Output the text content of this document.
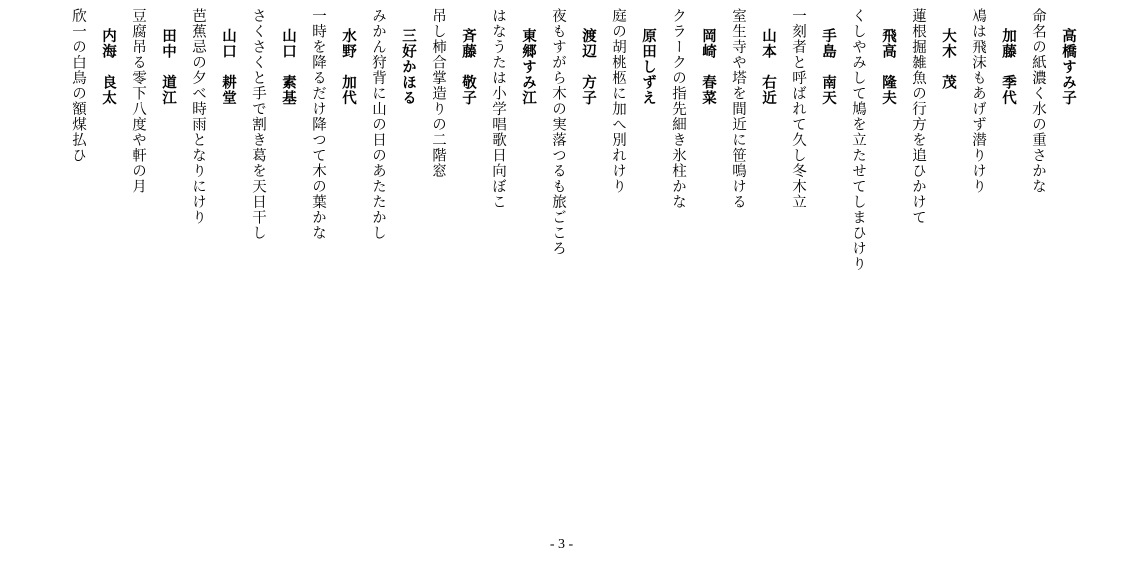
高橋すみ子
命名の紙濃く水の重さかな
加藤　季代
鳰は飛沫もあげず潜りけり
大木　茂
蓮根掘雑魚の行方を追ひかけて
飛高　隆夫
くしやみして鳩を立たせてしまひけり
手島　南天
一刻者と呼ばれて久し冬木立
山本　右近
室生寺や塔を間近に笹鳴ける
岡崎　春菜
クラークの指先細き氷柱かな
原田しずえ
庭の胡桃柩に加へ別れけり
渡辺　方子
夜もすがら木の実落つるも旅ごころ
東郷すみ江
はなうたは小学唱歌日向ぼこ
斉藤　敬子
吊し柿合掌造りの二階窓
三好かほる
みかん狩背に山の日のあたたかし
水野　加代
一時を降るだけ降つて木の葉かな
山口　素基
さくさくと手で割き葛を天日干し
山口　耕堂
芭蕉忌の夕べ時雨となりにけり
田中　道江
豆腐吊る零下八度や軒の月
内海　良太
欣一の白鳥の額煤払ひ
- 3 -
